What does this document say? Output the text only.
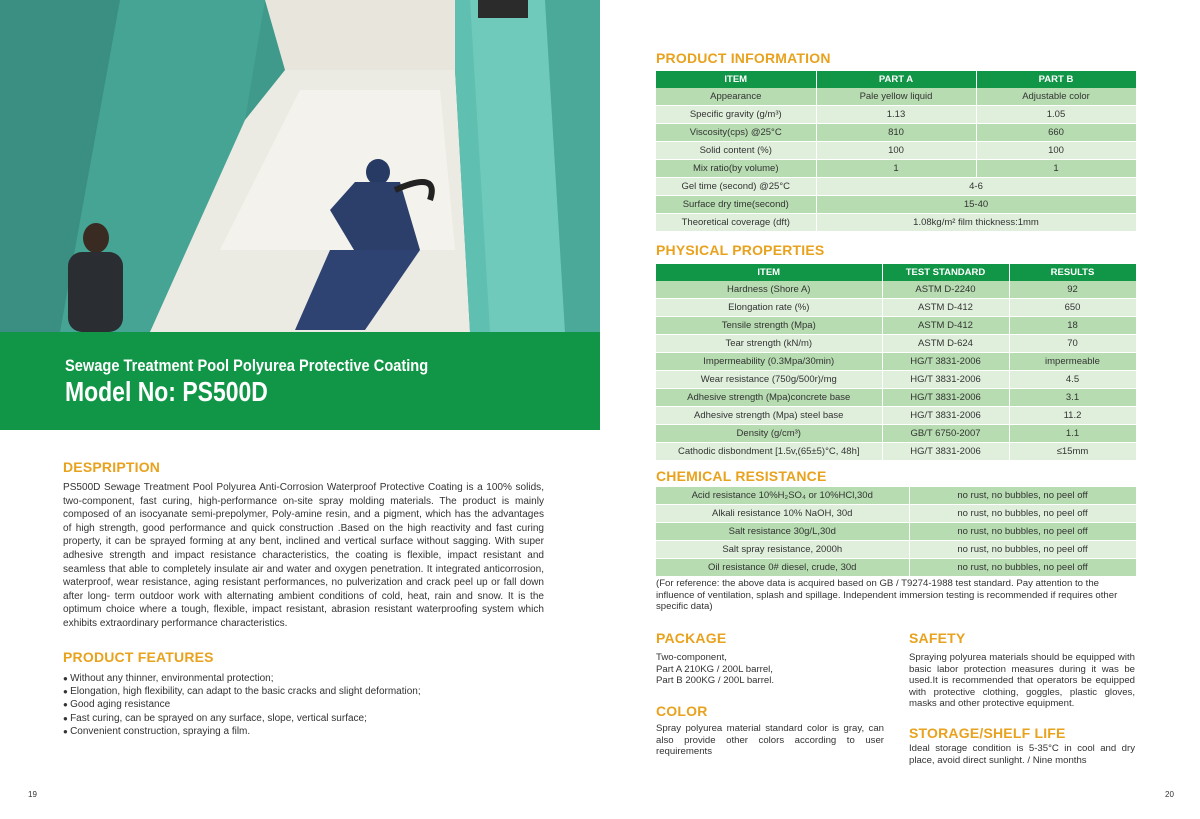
Sewage Treatment Pool Polyurea Protective Coating
Model No: PS500D
DESPRIPTION
PS500D Sewage Treatment Pool Polyurea Anti-Corrosion Waterproof Protective Coating is a 100% solids, two-component, fast curing, high-performance on-site spray molding materials. The product is mainly composed of an isocyanate semi-prepolymer, Poly-amine resin, and a pigment, which has the advantages of high strength, good performance and quick construction .Based on the high reactivity and fast curing property, it can be sprayed forming at any bent, inclined and vertical surface without sagging. With super adhesive strength and impact resistance characteristics, the coating is flexible, impact resistant and seamless that able to completely insulate air and water and oxygen penetration. It integrated anticorrosion, waterproof, wear resistance, aging resistant performances, no pulverization and crack peel up or fall down after long- term outdoor work with alternating ambient conditions of cold, heat, rain and snow. It is the optimum choice where a tough, flexible, impact resistant, abrasion resistant waterproofing system which exhibits extraordinary performance characteristics.
PRODUCT FEATURES
● Without any thinner, environmental protection;
● Elongation, high flexibility, can adapt to the basic cracks and slight deformation;
● Good aging resistance
● Fast curing, can be sprayed on any surface, slope, vertical surface;
● Convenient construction, spraying a film.
19
PRODUCT INFORMATION
ITEM	PART A	PART B
Appearance	Pale yellow liquid	Adjustable color
Specific gravity (g/m³)	1.13	1.05
Viscosity(cps) @25°C	810	660
Solid content (%)	100	100
Mix ratio(by volume)	1	1
Gel time (second) @25°C	4-6	
Surface dry time(second)	15-40	
Theoretical coverage (dft)	1.08kg/m² film thickness:1mm	
PHYSICAL PROPERTIES
ITEM	TEST STANDARD	RESULTS
Hardness (Shore A)	ASTM D-2240	92
Elongation rate (%)	ASTM D-412	650
Tensile strength (Mpa)	ASTM D-412	18
Tear strength (kN/m)	ASTM D-624	70
Impermeability (0.3Mpa/30min)	HG/T 3831-2006	impermeable
Wear resistance (750g/500r)/mg	HG/T 3831-2006	4.5
Adhesive strength (Mpa)concrete base	HG/T 3831-2006	3.1
Adhesive strength (Mpa) steel base	HG/T 3831-2006	11.2
Density (g/cm³)	GB/T 6750-2007	1.1
Cathodic disbondment [1.5v,(65±5)°C, 48h]	HG/T 3831-2006	≤15mm
CHEMICAL RESISTANCE
Acid resistance 10%H₂SO₄ or 10%HCl,30d	no rust, no bubbles, no peel off
Alkali resistance 10% NaOH, 30d	no rust, no bubbles, no peel off
Salt resistance 30g/L,30d	no rust, no bubbles, no peel off
Salt spray resistance, 2000h	no rust, no bubbles, no peel off
Oil resistance 0# diesel, crude, 30d	no rust, no bubbles, no peel off
(For reference: the above data is acquired based on GB / T9274-1988 test standard. Pay attention to the influence of ventilation, splash and spillage. Independent immersion testing is recommended if requires other specific data)
PACKAGE
Two-component,
Part A 210KG / 200L barrel,
Part B 200KG / 200L barrel.
COLOR
Spray polyurea material standard color is gray, can also provide other colors according to user requirements
SAFETY
Spraying polyurea materials should be equipped with basic labor protection measures during it was be used.It is recommended that operators be equipped with protective clothing, goggles, plastic gloves, masks and other protective equipment.
STORAGE/SHELF LIFE
Ideal storage condition is 5-35°C in cool and dry place, avoid direct sunlight. / Nine months
20
